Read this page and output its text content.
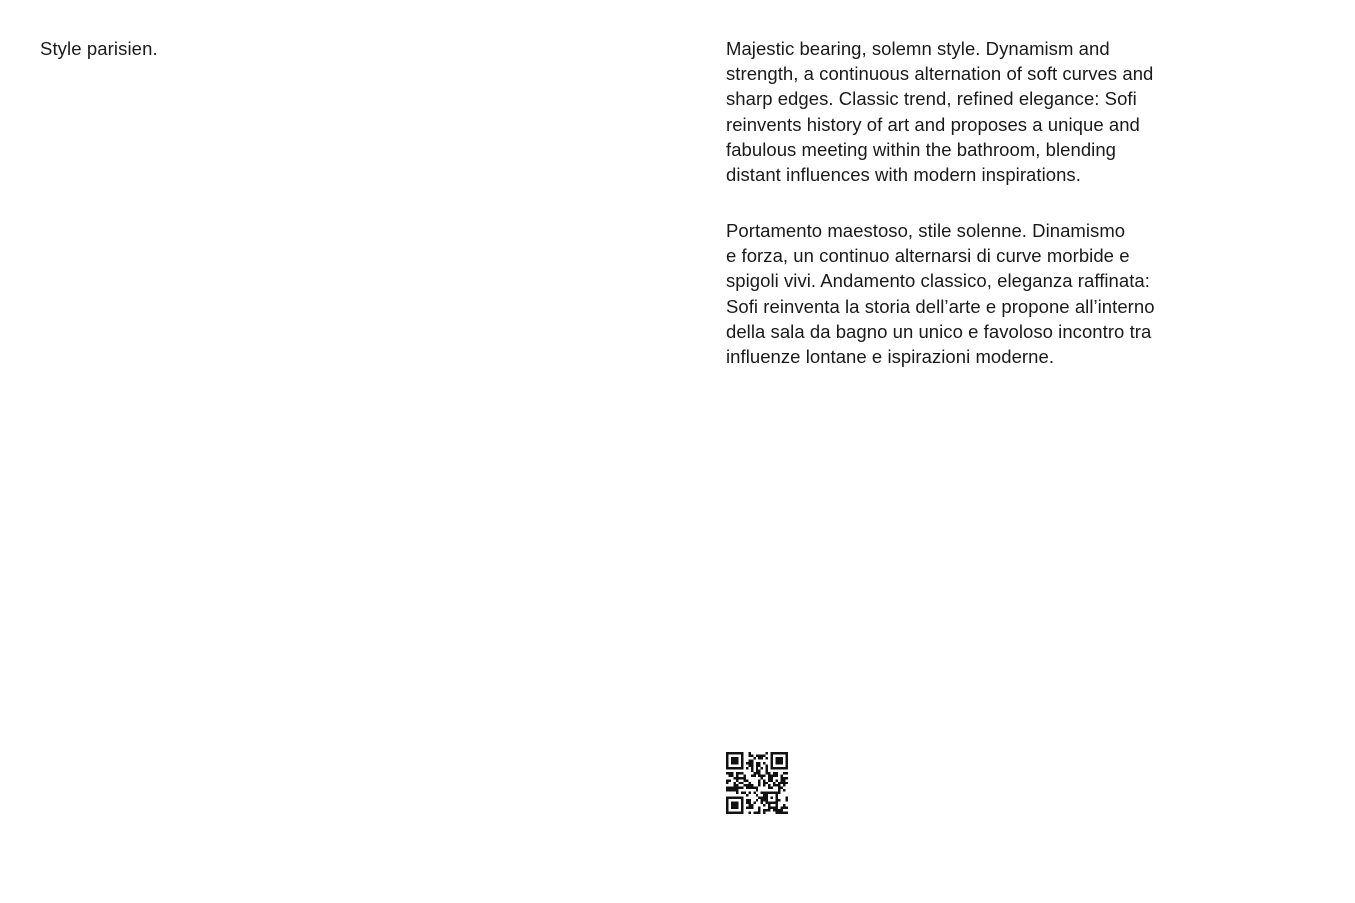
Style parisien.	Majestic bearing, solemn style. Dynamism and
strength, a continuous alternation of soft curves and
sharp edges. Classic trend, refined elegance: Sofi
reinvents history of art and proposes a unique and
fabulous meeting within the bathroom, blending
distant influences with modern inspirations.

Portamento maestoso, stile solenne. Dinamismo
e forza, un continuo alternarsi di curve morbide e
spigoli vivi. Andamento classico, eleganza raffinata:
Sofi reinventa la storia dell’arte e propone all’interno
della sala da bagno un unico e favoloso incontro tra
influenze lontane e ispirazioni moderne.
